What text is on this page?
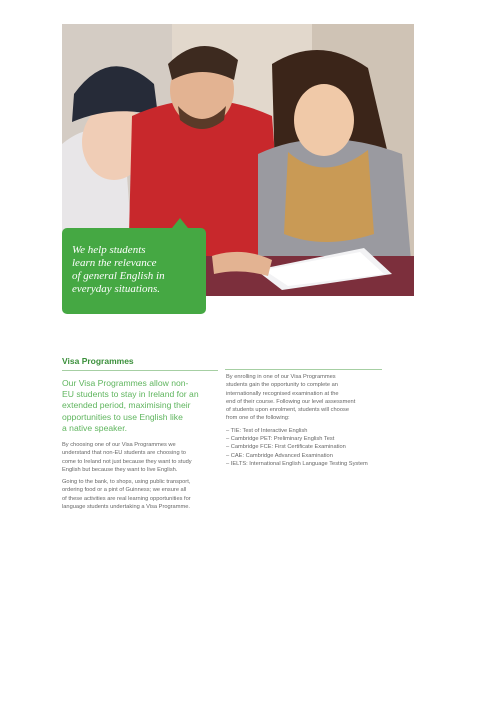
We help students
learn the relevance
of general English in
everyday situations.

Visa Programmes

Our Visa Programmes allow non-
EU students to stay in Ireland for an
extended period, maximising their
opportunities to use English like
a native speaker.

By choosing one of our Visa Programmes we
understand that non-EU students are choosing to
come to Ireland not just because they want to study
English but because they want to live English.

Going to the bank, to shops, using public transport,
ordering food or a pint of Guinness; we ensure all
of these activities are real learning opportunities for
language students undertaking a Visa Programme.

By enrolling in one of our Visa Programmes
students gain the opportunity to complete an
internationally recognised examination at the
end of their course. Following our level assessment
of students upon enrolment, students will choose
from one of the following:

– TIE: Test of Interactive English
– Cambridge PET: Preliminary English Test
– Cambridge FCE: First Certificate Examination
– CAE: Cambridge Advanced Examination
– IELTS: International English Language Testing System
